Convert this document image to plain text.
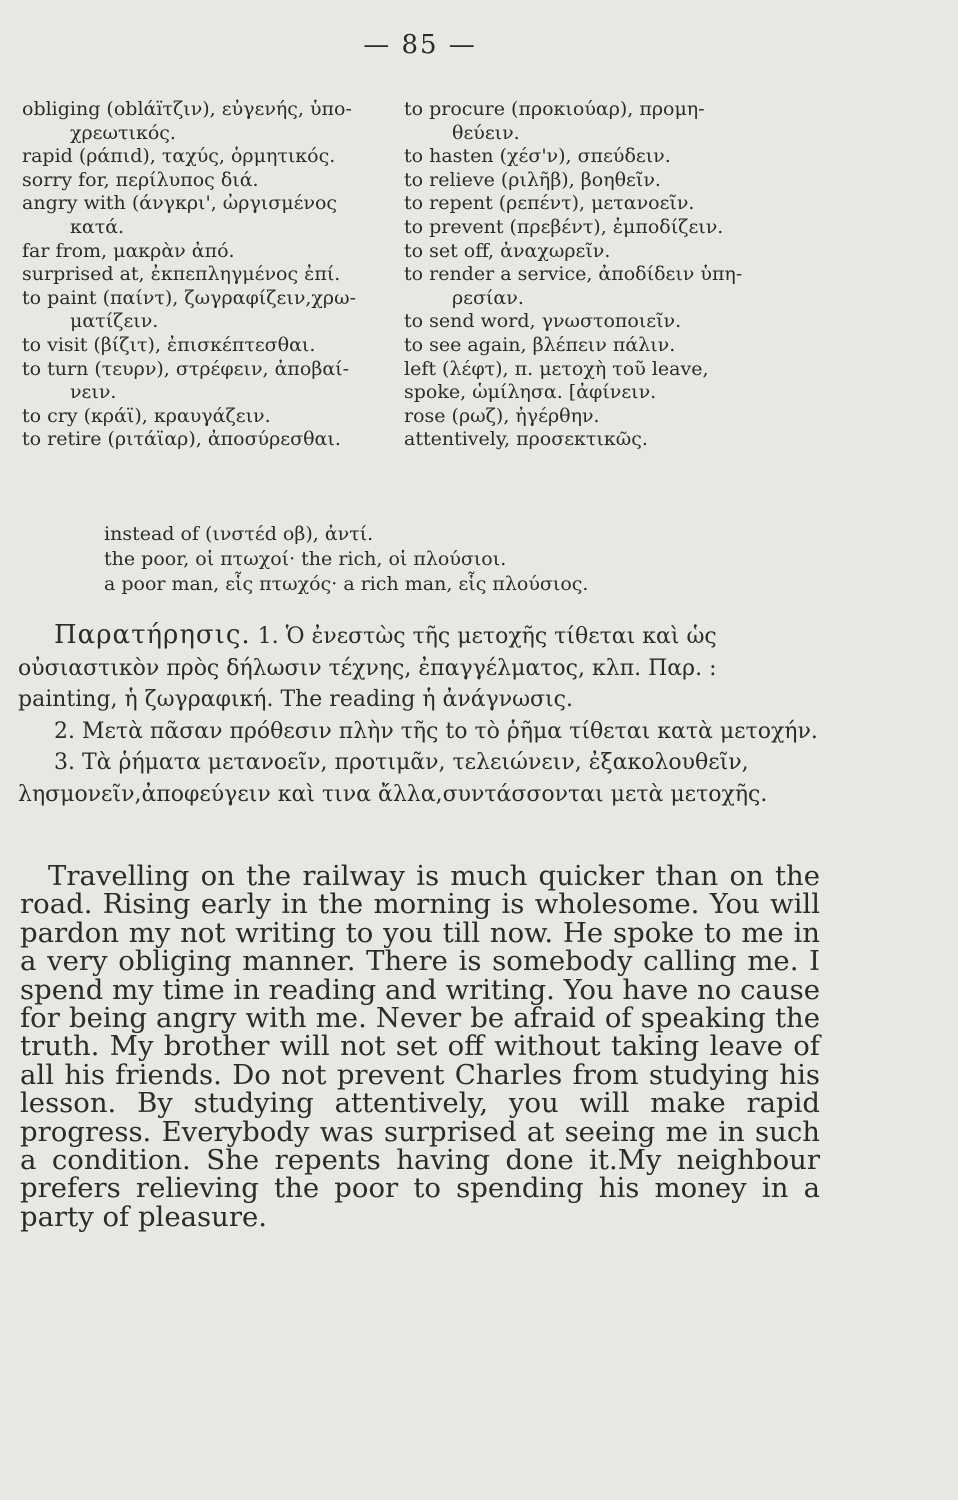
— 85 —

obliging (oblάïτζιν), εὐγενής, ὑπο-

χρεωτικός.

rapid (ράπιd), ταχύς, ὁρμητικός.

sorry for, περίλυπος διά.

angry with (άνγκρι', ὠργισμένος

κατά.

far from, μακρὰν ἀπό.

surprised at, ἐκπεπληγμένος ἐπί.

to paint (παίντ), ζωγραφίζειν,χρω-

ματίζειν.

to visit (βίζιτ), ἐπισκέπτεσθαι.

to turn (τευρν), στρέφειν, ἀποβαί-

νειν.

to cry (κράϊ), κραυγάζειν.

to retire (ριτάϊαρ), ἀποσύρεσθαι.

to procure (προκιούαρ), προμη-

θεύειν.

to hasten (χέσ'ν), σπεύδειν.

to relieve (ριλῆβ), βοηθεῖν.

to repent (ρεπέντ), μετανοεῖν.

to prevent (πρεβέντ), ἐμποδίζειν.

to set off, ἀναχωρεῖν.

to render a service, ἀποδίδειν ὑπη-

ρεσίαν.

to send word, γνωστοποιεῖν.

to see again, βλέπειν πάλιν.

left (λέφτ), π. μετοχὴ τοῦ leave,

spoke, ὡμίλησα. [ἀφίνειν.

rose (ρωζ), ἠγέρθην.

attentively, προσεκτικῶς.

instead of (ινστέd οβ), ἀντί.

the poor, οἱ πτωχοί· the rich, οἱ πλούσιοι.

a poor man, εἷς πτωχός· a rich man, εἷς πλούσιος.

Παρατήρησις. 1. Ὁ ἐνεστὼς τῆς μετοχῆς τίθεται καὶ ὡς οὐσιαστικὸν πρὸς δήλωσιν τέχνης, ἐπαγγέλματος, κλπ. Παρ. : painting, ἡ ζωγραφική. The reading ἡ ἀνάγνωσις.

2. Μετὰ πᾶσαν πρόθεσιν πλὴν τῆς to τὸ ῥῆμα τίθεται κατὰ μετοχήν.

3. Τὰ ῥήματα μετανοεῖν, προτιμᾶν, τελειώνειν, ἐξακολουθεῖν, λησμονεῖν,ἀποφεύγειν καὶ τινα ἄλλα,συντάσσονται μετὰ μετοχῆς.

Travelling on the railway is much quicker than on the road. Rising early in the morning is wholesome. You will pardon my not writing to you till now. He spoke to me in a very obliging manner. There is somebody calling me. I spend my time in reading and writing. You have no cause for being angry with me. Never be afraid of speaking the truth. My brother will not set off without taking leave of all his friends. Do not prevent Charles from studying his lesson. By studying attentively, you will make rapid progress. Everybody was surprised at seeing me in such a condition. She repents having done it.My neighbour prefers relieving the poor to spending his money in a party of pleasure.
